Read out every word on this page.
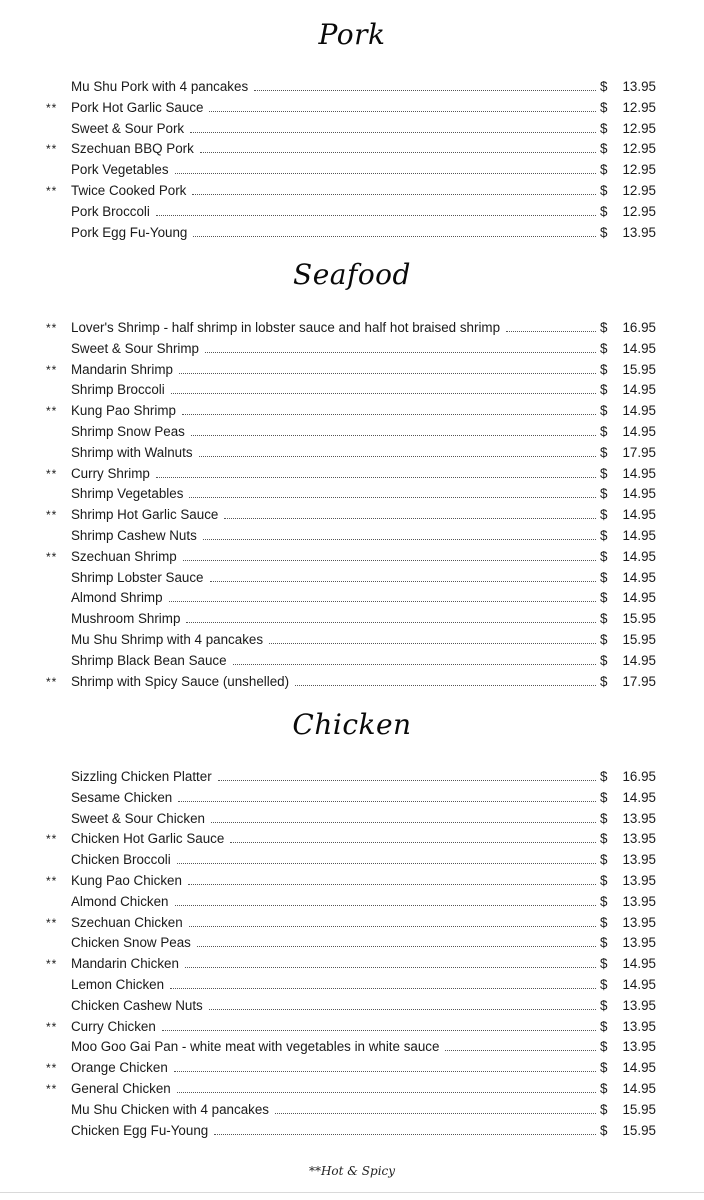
Pork
Mu Shu Pork with 4 pancakes	$ 13.95
**	Pork Hot Garlic Sauce	$ 12.95
Sweet & Sour Pork	$ 12.95
**	Szechuan BBQ Pork	$ 12.95
Pork Vegetables	$ 12.95
**	Twice Cooked Pork	$ 12.95
Pork Broccoli	$ 12.95
Pork Egg Fu-Young	$ 13.95
Seafood
**	Lover's Shrimp - half shrimp in lobster sauce and half hot braised shrimp	$ 16.95
Sweet & Sour Shrimp	$ 14.95
**	Mandarin Shrimp	$ 15.95
Shrimp Broccoli	$ 14.95
**	Kung Pao Shrimp	$ 14.95
Shrimp Snow Peas	$ 14.95
Shrimp with Walnuts	$ 17.95
**	Curry Shrimp	$ 14.95
Shrimp Vegetables	$ 14.95
**	Shrimp Hot Garlic Sauce	$ 14.95
Shrimp Cashew Nuts	$ 14.95
**	Szechuan Shrimp	$ 14.95
Shrimp Lobster Sauce	$ 14.95
Almond Shrimp	$ 14.95
Mushroom Shrimp	$ 15.95
Mu Shu Shrimp with 4 pancakes	$ 15.95
Shrimp Black Bean Sauce	$ 14.95
**	Shrimp with Spicy Sauce (unshelled)	$ 17.95
Chicken
Sizzling Chicken Platter	$ 16.95
Sesame Chicken	$ 14.95
Sweet & Sour Chicken	$ 13.95
**	Chicken Hot Garlic Sauce	$ 13.95
Chicken Broccoli	$ 13.95
**	Kung Pao Chicken	$ 13.95
Almond Chicken	$ 13.95
**	Szechuan Chicken	$ 13.95
Chicken Snow Peas	$ 13.95
**	Mandarin Chicken	$ 14.95
Lemon Chicken	$ 14.95
Chicken Cashew Nuts	$ 13.95
**	Curry Chicken	$ 13.95
Moo Goo Gai Pan - white meat with vegetables in white sauce	$ 13.95
**	Orange Chicken	$ 14.95
**	General Chicken	$ 14.95
Mu Shu Chicken with 4 pancakes	$ 15.95
Chicken Egg Fu-Young	$ 15.95
**Hot & Spicy
